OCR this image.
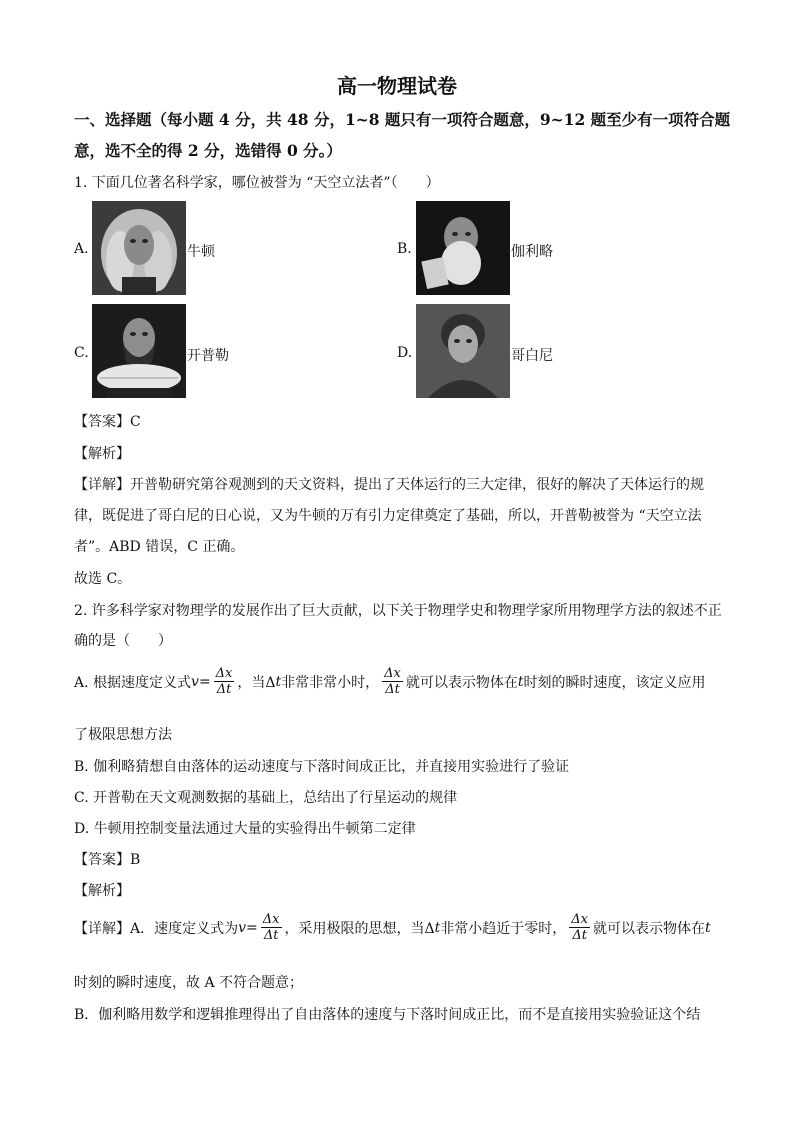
高一物理试卷
一、选择题（每小题 4 分，共 48 分，1~8 题只有一项符合题意，9~12 题至少有一项符合题
意，选不全的得 2 分，选错得 0 分。）
1. 下面几位著名科学家，哪位被誉为 “天空立法者”（　　）
A.	牛顿	B.	伽利略
C.	开普勒	D.	哥白尼
【答案】C
【解析】
【详解】开普勒研究第谷观测到的天文资料，提出了天体运行的三大定律，很好的解决了天体运行的规
律，既促进了哥白尼的日心说，又为牛顿的万有引力定律奠定了基础，所以，开普勒被誉为 “天空立法
者”。ABD 错误，C 正确。
故选 C。
2. 许多科学家对物理学的发展作出了巨大贡献，以下关于物理学史和物理学家所用物理学方法的叙述不正
确的是（　　）
A. 根据速度定义式 $v = \frac{\Delta x}{\Delta t}$ ，当Δ t 非常非常小时， $\frac{\Delta x}{\Delta t}$ 就可以表示物体在 t 时刻的瞬时速度，该定义应用
了极限思想方法
B. 伽利略猜想自由落体的运动速度与下落时间成正比，并直接用实验进行了验证
C. 开普勒在天文观测数据的基础上，总结出了行星运动的规律
D. 牛顿用控制变量法通过大量的实验得出牛顿第二定律
【答案】B
【解析】
【详解】A．速度定义式为 $v = \frac{\Delta x}{\Delta t}$ ，采用极限的思想，当Δ t 非常小趋近于零时， $\frac{\Delta x}{\Delta t}$ 就可以表示物体在 t
时刻的瞬时速度，故 A 不符合题意；
B．伽利略用数学和逻辑推理得出了自由落体的速度与下落时间成正比，而不是直接用实验验证这个结
